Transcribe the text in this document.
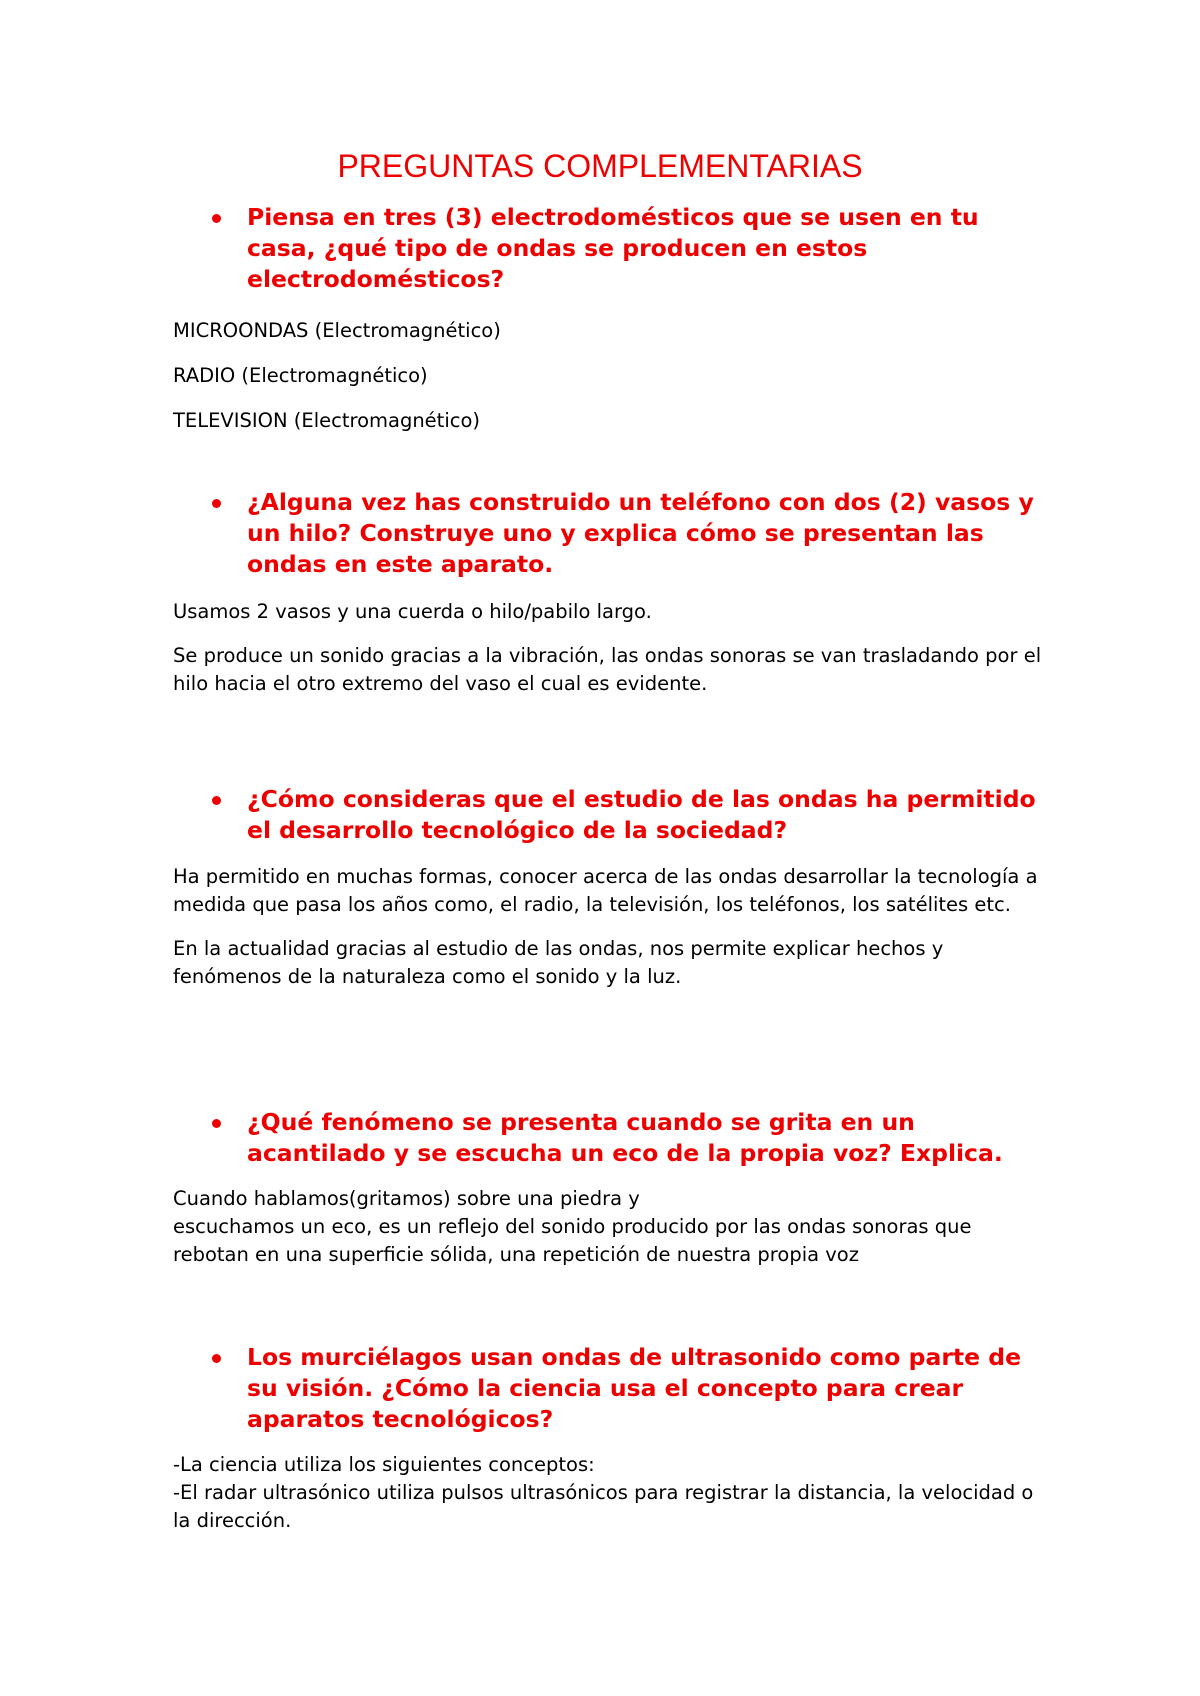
PREGUNTAS COMPLEMENTARIAS
Piensa en tres (3) electrodomésticos que se usen en tu casa, ¿qué tipo de ondas se producen en estos electrodomésticos?
MICROONDAS (Electromagnético)
RADIO (Electromagnético)
TELEVISION (Electromagnético)
¿Alguna vez has construido un teléfono con dos (2) vasos y un hilo? Construye uno y explica cómo se presentan las ondas en este aparato.
Usamos 2 vasos y una cuerda o hilo/pabilo largo.
Se produce un sonido gracias a la vibración, las ondas sonoras se van trasladando por el hilo hacia el otro extremo del vaso el cual es evidente.
¿Cómo consideras que el estudio de las ondas ha permitido el desarrollo tecnológico de la sociedad?
Ha permitido en muchas formas, conocer acerca de las ondas desarrollar la tecnología a medida que pasa los años como, el radio, la televisión, los teléfonos, los satélites etc.
En la actualidad gracias al estudio de las ondas, nos permite explicar hechos y fenómenos de la naturaleza como el sonido y la luz.
¿Qué fenómeno se presenta cuando se grita en un acantilado y se escucha un eco de la propia voz? Explica.
Cuando hablamos(gritamos) sobre una piedra y
escuchamos un eco, es un reflejo del sonido producido por las ondas sonoras que rebotan en una superficie sólida, una repetición de nuestra propia voz
Los murciélagos usan ondas de ultrasonido como parte de su visión. ¿Cómo la ciencia usa el concepto para crear aparatos tecnológicos?
-La ciencia utiliza los siguientes conceptos:
-El radar ultrasónico utiliza pulsos ultrasónicos para registrar la distancia, la velocidad o la dirección.
